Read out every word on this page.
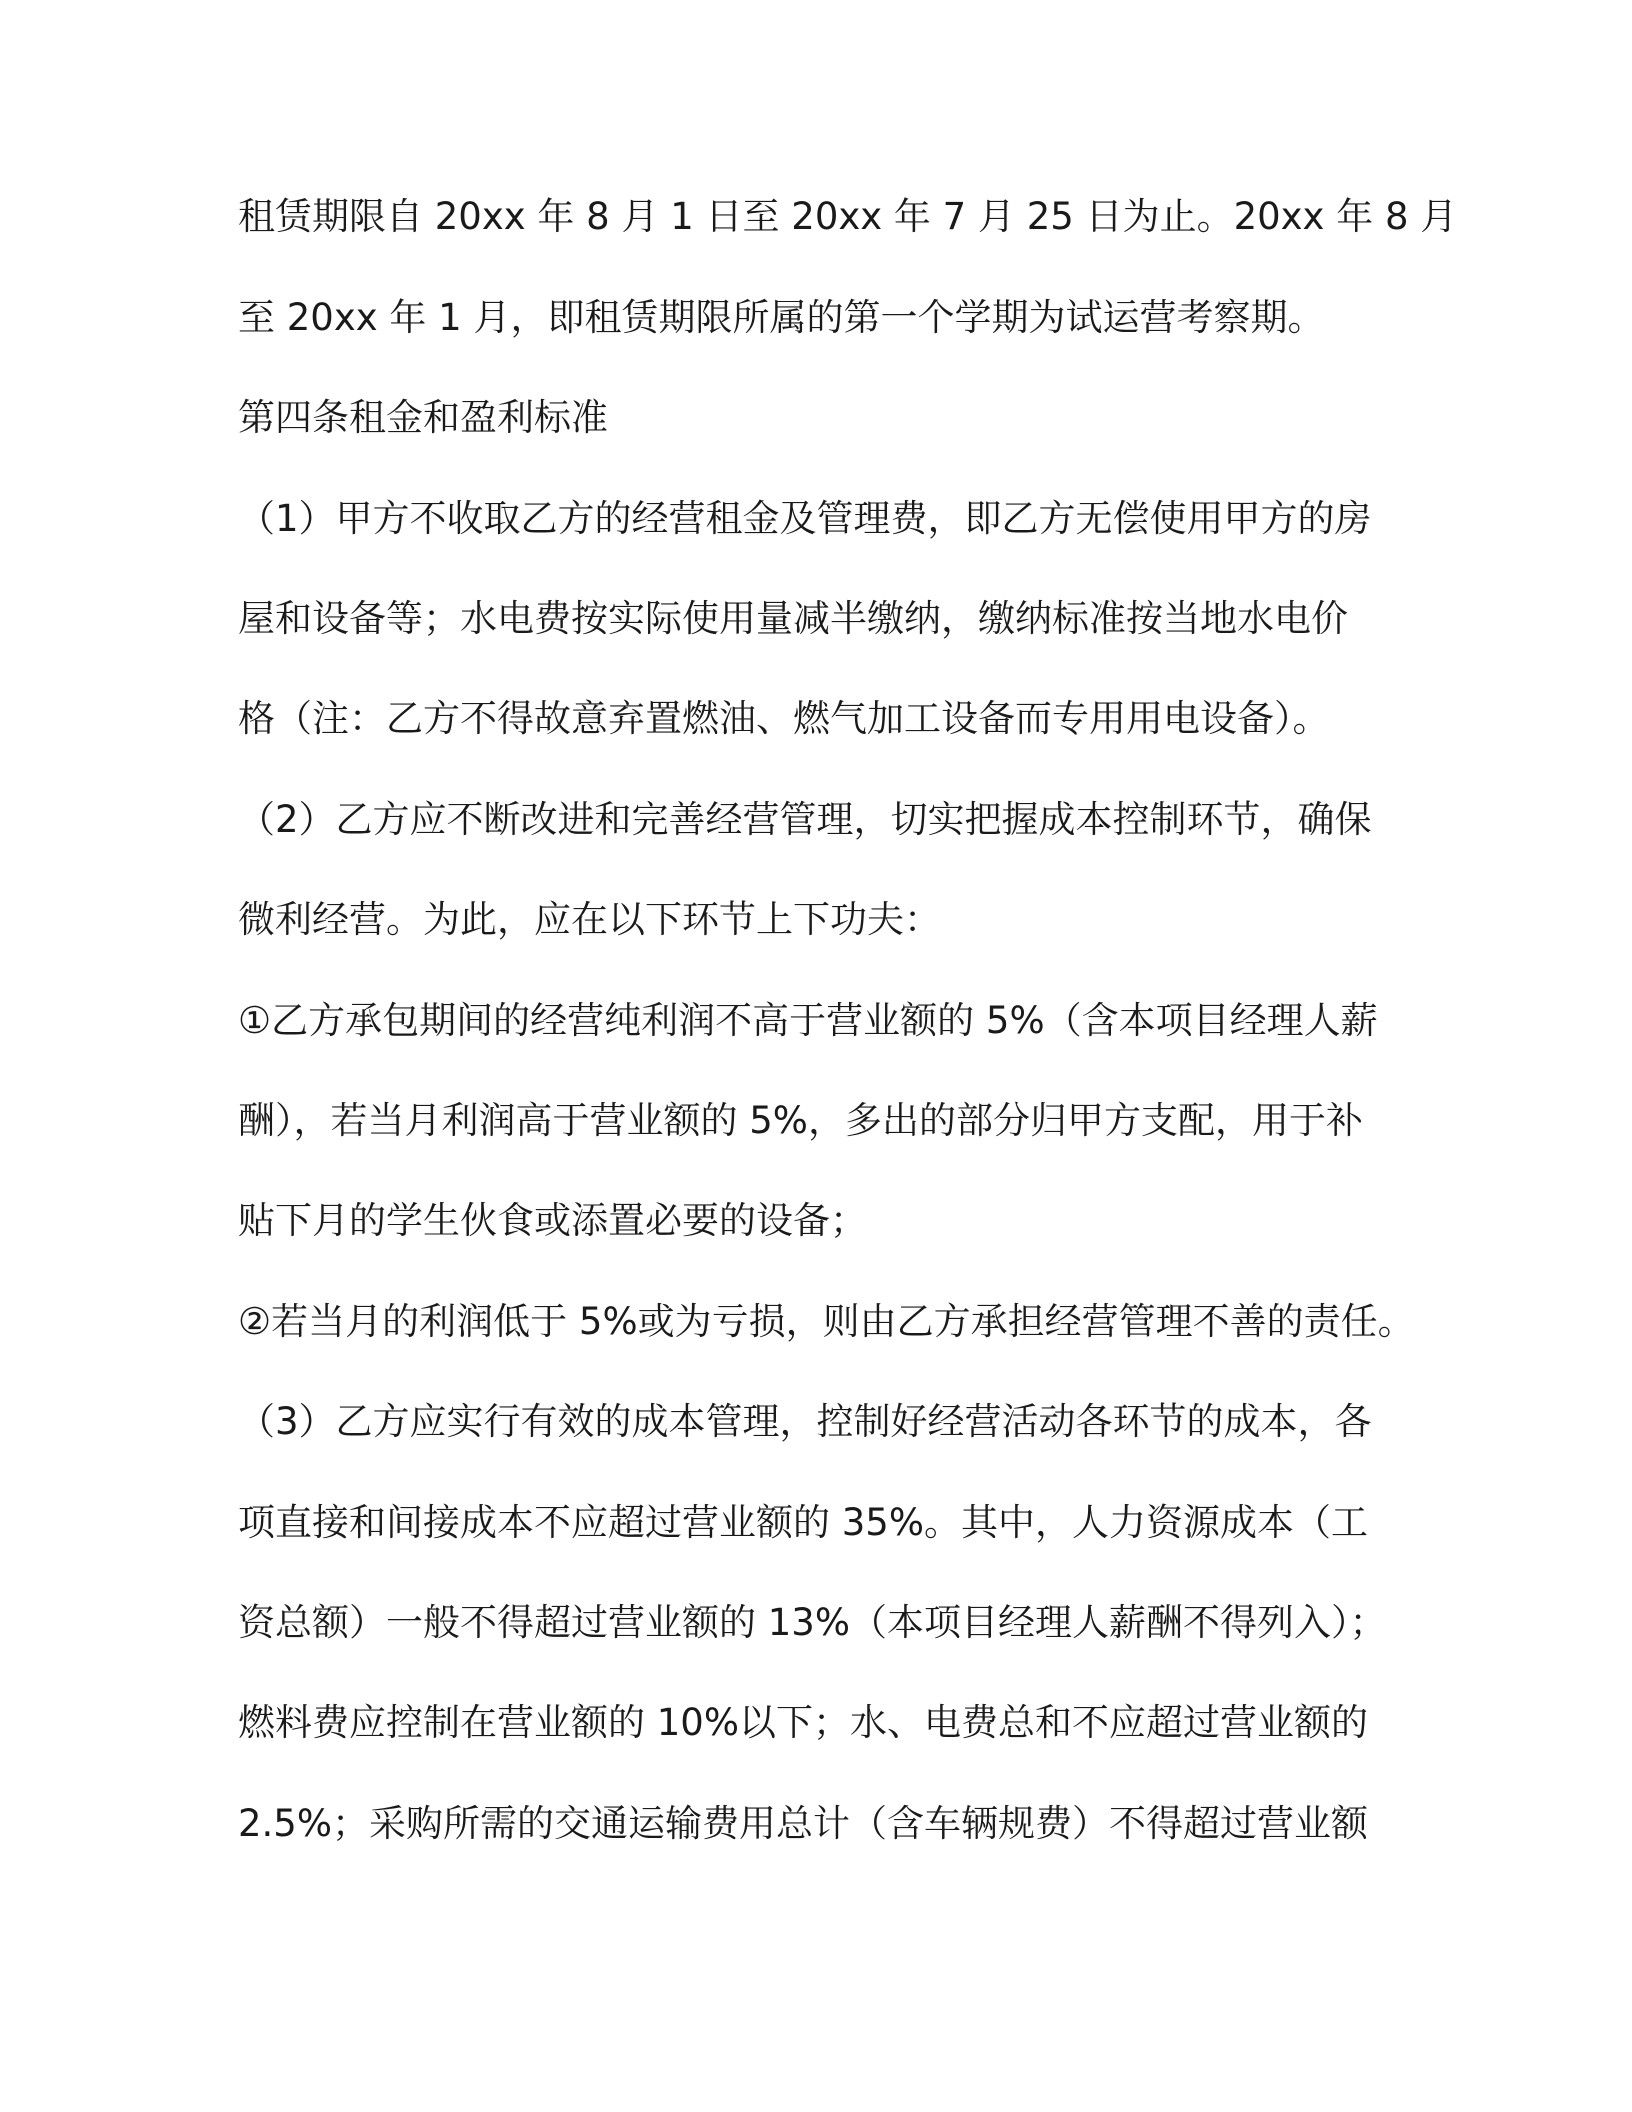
租赁期限自 20xx 年 8 月 1 日至 20xx 年 7 月 25 日为止。20xx 年 8 月
至 20xx 年 1 月，即租赁期限所属的第一个学期为试运营考察期。
第四条租金和盈利标准
（1）甲方不收取乙方的经营租金及管理费，即乙方无偿使用甲方的房
屋和设备等；水电费按实际使用量减半缴纳，缴纳标准按当地水电价
格（注：乙方不得故意弃置燃油、燃气加工设备而专用用电设备）。
（2）乙方应不断改进和完善经营管理，切实把握成本控制环节，确保
微利经营。为此，应在以下环节上下功夫：
①乙方承包期间的经营纯利润不高于营业额的 5%（含本项目经理人薪
酬），若当月利润高于营业额的 5%，多出的部分归甲方支配，用于补
贴下月的学生伙食或添置必要的设备；
②若当月的利润低于 5%或为亏损，则由乙方承担经营管理不善的责任。
（3）乙方应实行有效的成本管理，控制好经营活动各环节的成本，各
项直接和间接成本不应超过营业额的 35%。其中，人力资源成本（工
资总额）一般不得超过营业额的 13%（本项目经理人薪酬不得列入）；
燃料费应控制在营业额的 10%以下；水、电费总和不应超过营业额的
2.5%；采购所需的交通运输费用总计（含车辆规费）不得超过营业额
